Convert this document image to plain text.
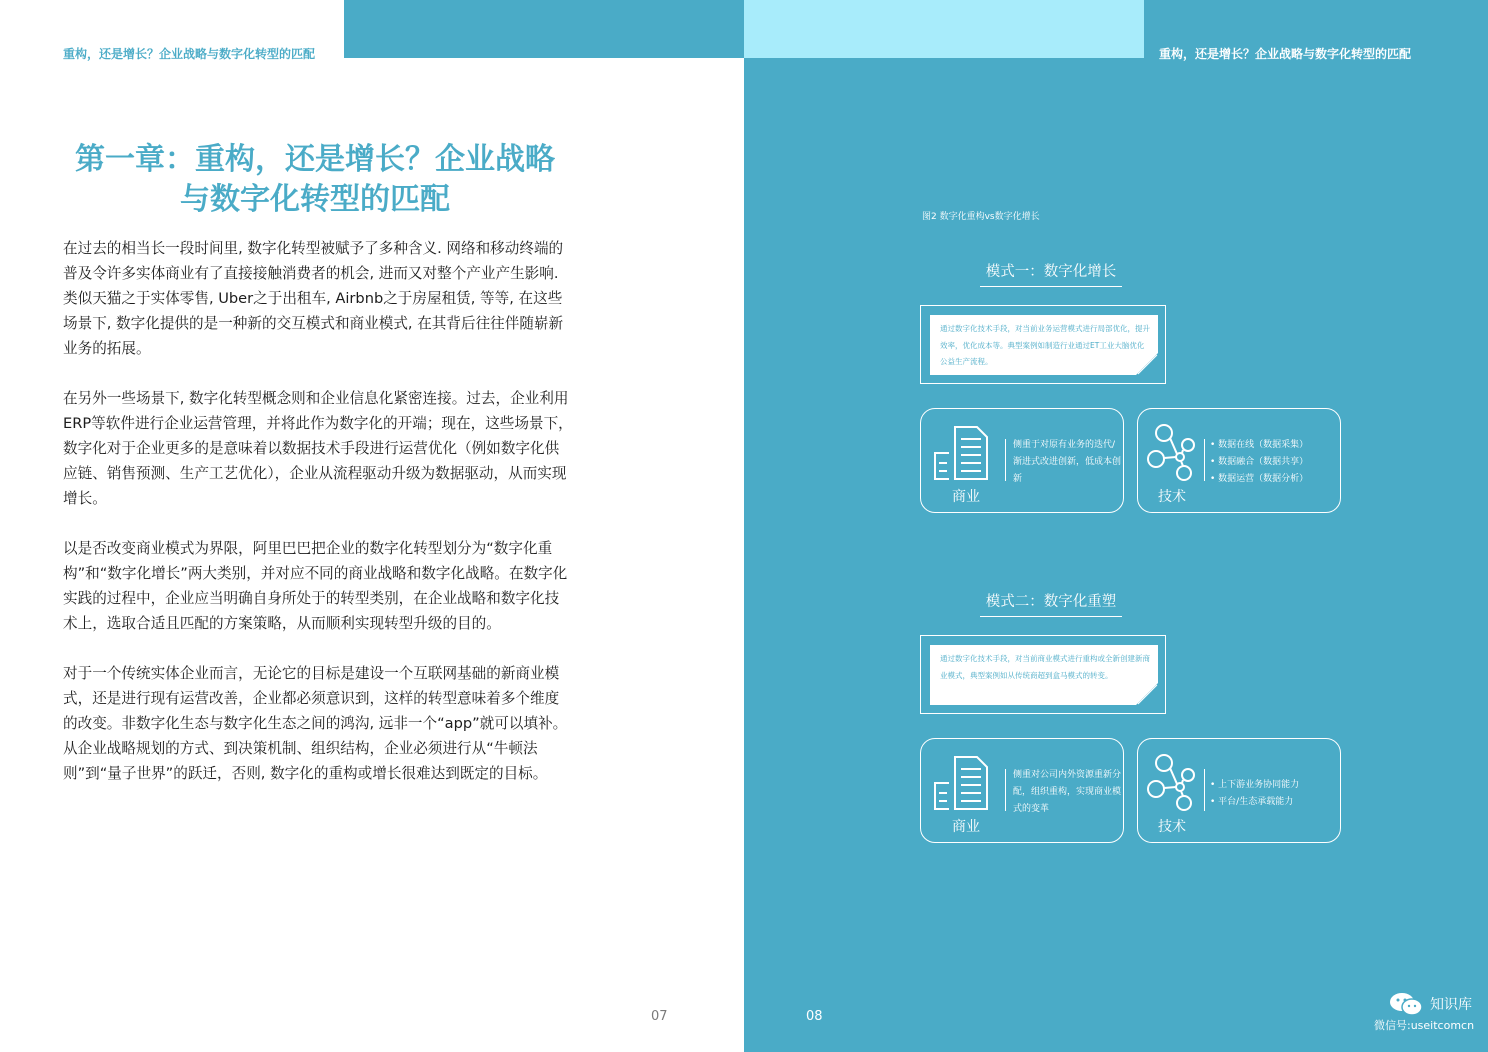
重构，还是增长？企业战略与数字化转型的匹配
第一章：重构，还是增长？企业战略
与数字化转型的匹配

在过去的相当长一段时间里, 数字化转型被赋予了多种含义. 网络和移动终端的普及令许多实体商业有了直接接触消费者的机会, 进而又对整个产业产生影响. 类似天猫之于实体零售, Uber之于出租车, Airbnb之于房屋租赁, 等等, 在这些场景下, 数字化提供的是一种新的交互模式和商业模式, 在其背后往往伴随崭新业务的拓展。

在另外一些场景下, 数字化转型概念则和企业信息化紧密连接。过去，企业利用ERP等软件进行企业运营管理，并将此作为数字化的开端；现在，这些场景下，数字化对于企业更多的是意味着以数据技术手段进行运营优化（例如数字化供应链、销售预测、生产工艺优化），企业从流程驱动升级为数据驱动，从而实现增长。

以是否改变商业模式为界限，阿里巴巴把企业的数字化转型划分为“数字化重构”和“数字化增长”两大类别，并对应不同的商业战略和数字化战略。在数字化实践的过程中，企业应当明确自身所处于的转型类别，在企业战略和数字化技术上，选取合适且匹配的方案策略，从而顺利实现转型升级的目的。

对于一个传统实体企业而言，无论它的目标是建设一个互联网基础的新商业模式，还是进行现有运营改善，企业都必须意识到，这样的转型意味着多个维度的改变。非数字化生态与数字化生态之间的鸿沟, 远非一个“app”就可以填补。从企业战略规划的方式、到决策机制、组织结构，企业必须进行从“牛顿法则”到“量子世界”的跃迁，否则, 数字化的重构或增长很难达到既定的目标。

07
重构，还是增长？企业战略与数字化转型的匹配
图2 数字化重构vs数字化增长
模式一：数字化增长
通过数字化技术手段，对当前业务运营模式进行局部优化，提升效率，优化成本等。典型案例如制造行业通过ET工业大脑优化公益生产流程。
商业
侧重于对原有业务的迭代/渐进式改进创新，低成本创新
技术
• 数据在线（数据采集）
• 数据融合（数据共享）
• 数据运营（数据分析）
模式二：数字化重塑
通过数字化技术手段，对当前商业模式进行重构或全新创建新商业模式，典型案例如从传统商超到盒马模式的转变。
商业
侧重对公司内外资源重新分配，组织重构，实现商业模式的变革
技术
• 上下游业务协同能力
• 平台/生态承载能力
08
知识库
微信号:useitcomcn
